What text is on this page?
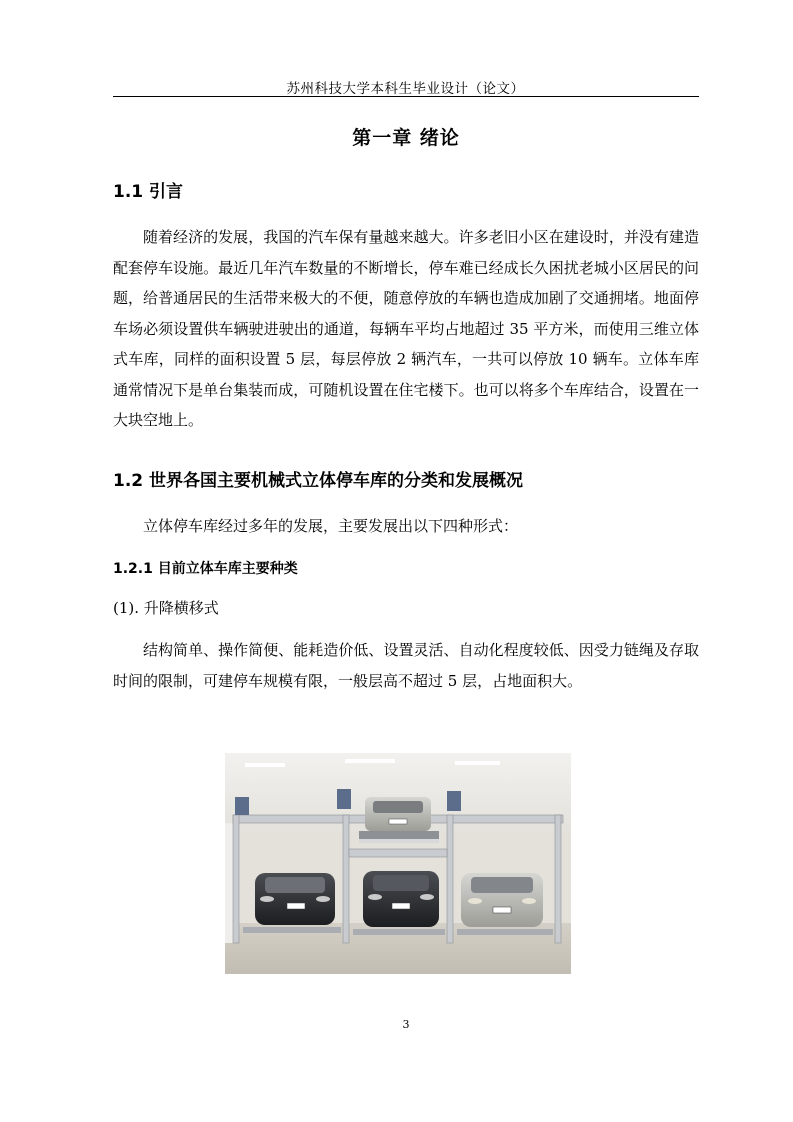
苏州科技大学本科生毕业设计（论文）
第一章 绪论
1.1 引言

随着经济的发展，我国的汽车保有量越来越大。许多老旧小区在建设时，并没有建造配套停车设施。最近几年汽车数量的不断增长，停车难已经成长久困扰老城小区居民的问题，给普通居民的生活带来极大的不便，随意停放的车辆也造成加剧了交通拥堵。地面停车场必须设置供车辆驶进驶出的通道，每辆车平均占地超过 35 平方米，而使用三维立体式车库，同样的面积设置 5 层，每层停放 2 辆汽车，一共可以停放 10 辆车。立体车库通常情况下是单台集装而成，可随机设置在住宅楼下。也可以将多个车库结合，设置在一大块空地上。

1.2 世界各国主要机械式立体停车库的分类和发展概况

立体停车库经过多年的发展，主要发展出以下四种形式：

1.2.1 目前立体车库主要种类
(1). 升降横移式

结构简单、操作简便、能耗造价低、设置灵活、自动化程度较低、因受力链绳及存取时间的限制，可建停车规模有限，一般层高不超过 5 层，占地面积大。

3
